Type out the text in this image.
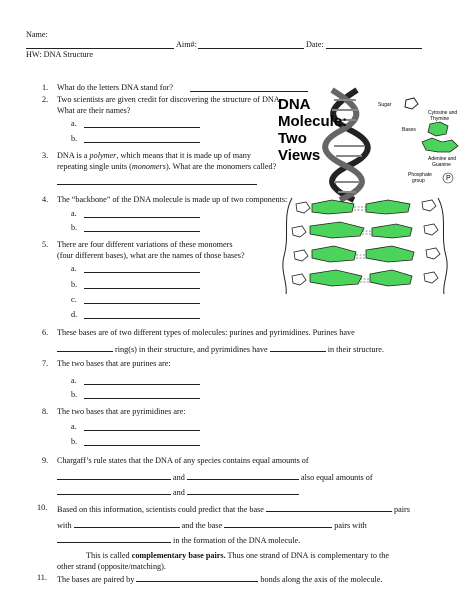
Name:
Aim#:	Date:
HW: DNA Structure
1. What do the letters DNA stand for?
2. Two scientists are given credit for discovering the structure of DNA.
What are their names?
a.
b.
3. DNA is a polymer, which means that it is made up of many
repeating single units (monomers). What are the monomers called?
4. The “backbone” of the DNA molecule is made up of two components:
a.
b.
5. There are four different variations of these monomers
(four different bases), what are the names of those bases?
a.
b.
c.
d.
6. These bases are of two different types of molecules: purines and pyrimidines. Purines have
ring(s) in their structure, and pyrimidines have	in their structure.
7. The two bases that are purines are:
a.
b.
8. The two bases that are pyrimidines are:
a.
b.
9. Chargaff’s rule states that the DNA of any species contains equal amounts of
and	also equal amounts of
and
10. Based on this information, scientists could predict that the base	pairs
with	and the base	pairs with
in the formation of the DNA molecule.
This is called complementary base pairs. Thus one strand of DNA is complementary to the
other strand (opposite/matching).
11. The bases are paired by	bonds along the axis of the molecule.
DNA
Molecule:
Two
Views
Sugar
Cytosine and
Thymine
Bases
Adenine and
Guanine
Phosphate
group	P
